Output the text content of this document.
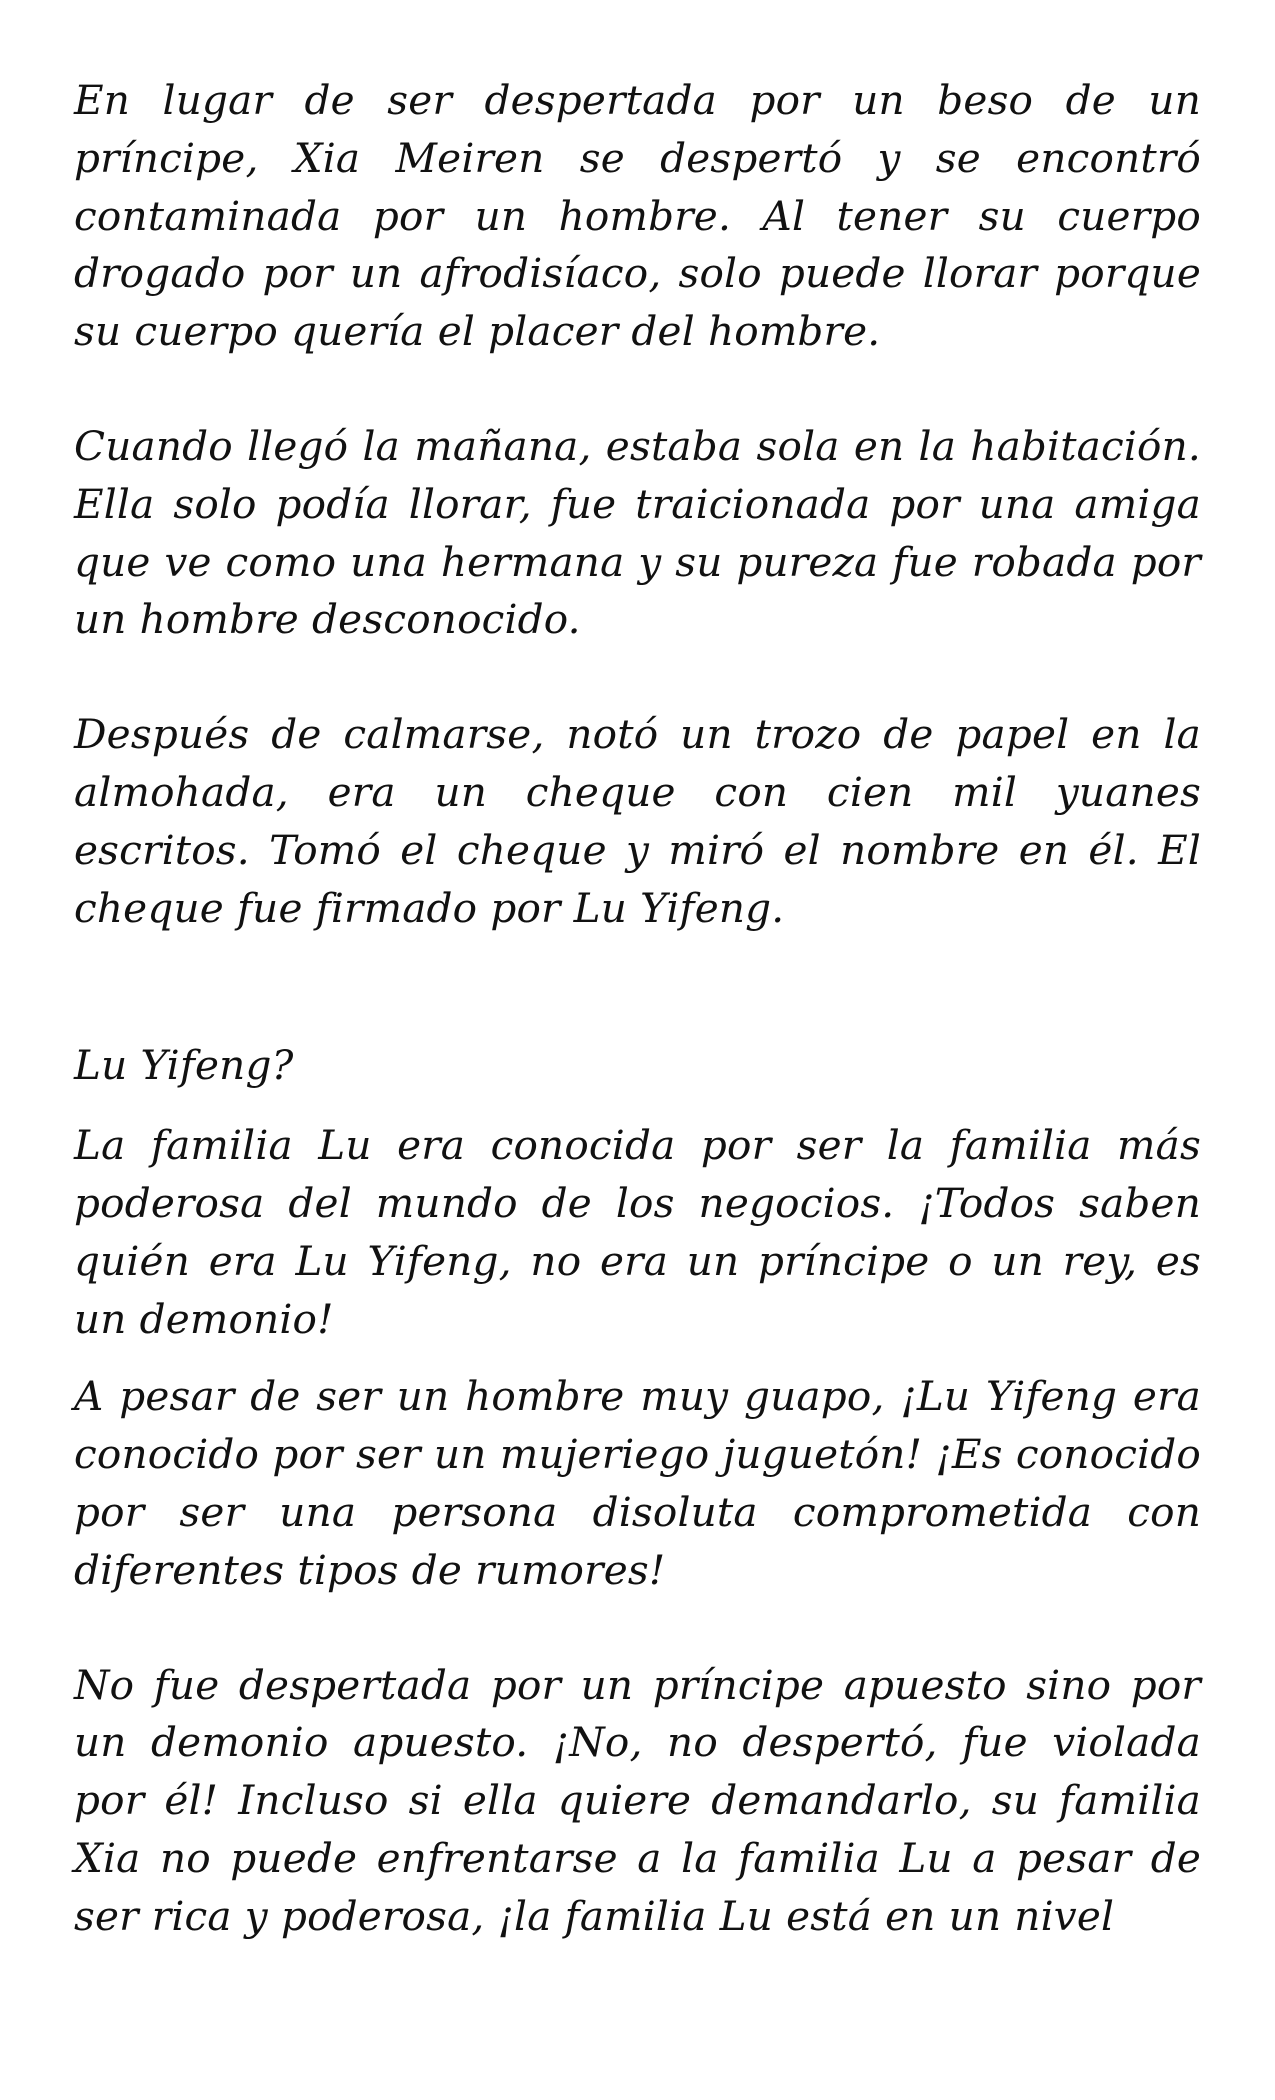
En lugar de ser despertada por un beso de un príncipe, Xia Meiren se despertó y se encontró contaminada por un hombre. Al tener su cuerpo drogado por un afrodisíaco, solo puede llorar porque su cuerpo quería el placer del hombre.

Cuando llegó la mañana, estaba sola en la habitación. Ella solo podía llorar, fue traicionada por una amiga que ve como una hermana y su pureza fue robada por un hombre desconocido.

Después de calmarse, notó un trozo de papel en la almohada, era un cheque con cien mil yuanes escritos. Tomó el cheque y miró el nombre en él. El cheque fue firmado por Lu Yifeng.

Lu Yifeng?

La familia Lu era conocida por ser la familia más poderosa del mundo de los negocios. ¡Todos saben quién era Lu Yifeng, no era un príncipe o un rey, es un demonio!

A pesar de ser un hombre muy guapo, ¡Lu Yifeng era conocido por ser un mujeriego juguetón! ¡Es conocido por ser una persona disoluta comprometida con diferentes tipos de rumores!

No fue despertada por un príncipe apuesto sino por un demonio apuesto. ¡No, no despertó, fue violada por él! Incluso si ella quiere demandarlo, su familia Xia no puede enfrentarse a la familia Lu a pesar de ser rica y poderosa, ¡la familia Lu está en un nivel
